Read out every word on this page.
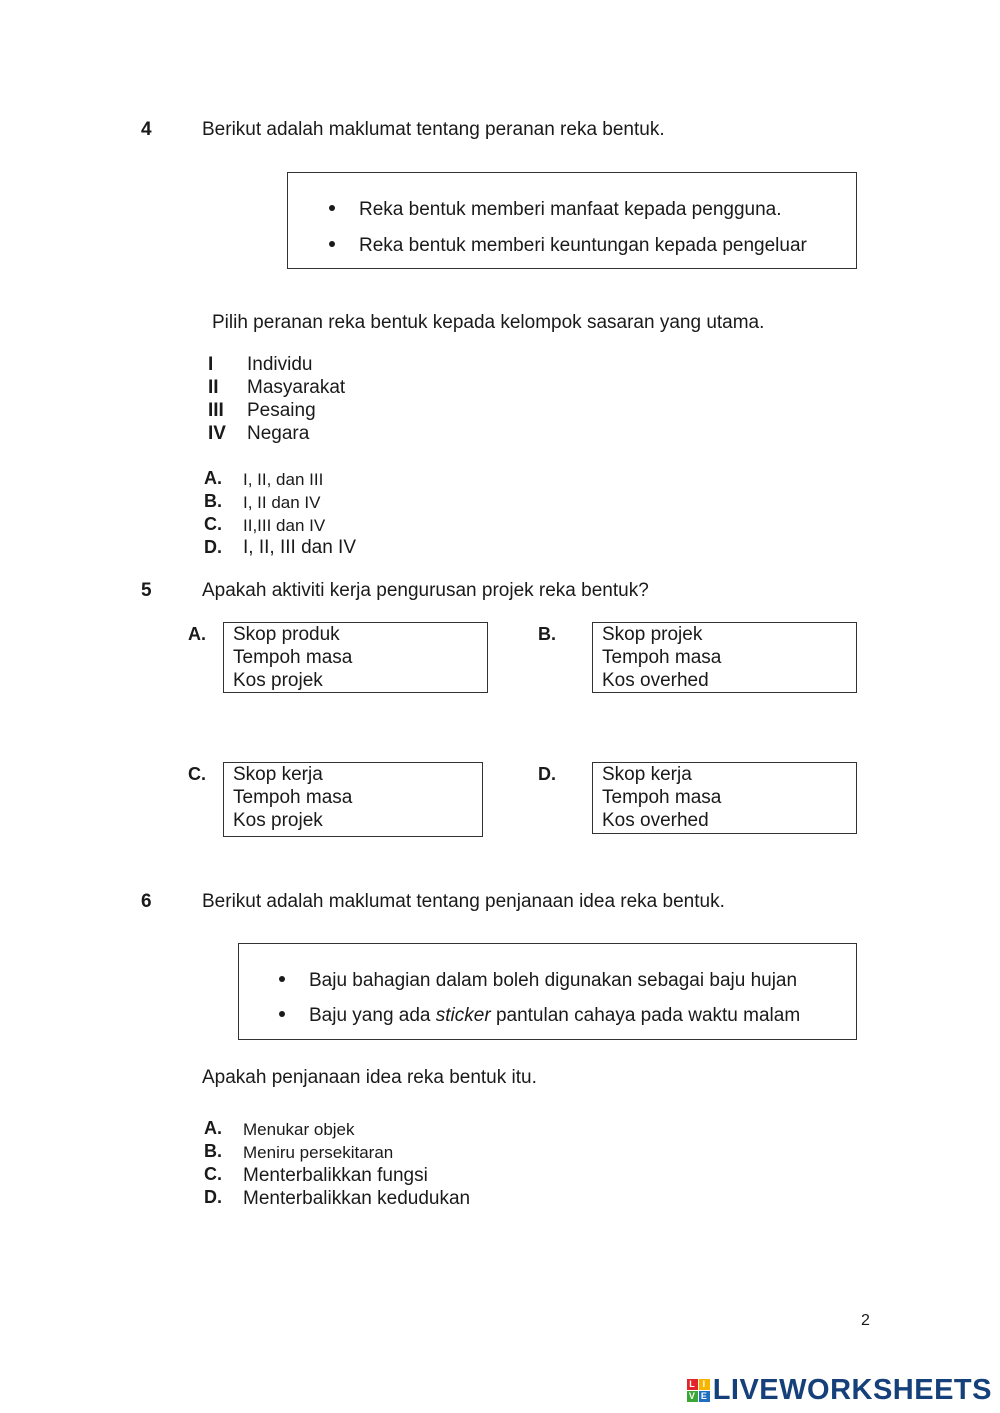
4	Berikut adalah maklumat tentang peranan reka bentuk.
Reka bentuk memberi manfaat kepada pengguna.
Reka bentuk memberi keuntungan kepada pengeluar
Pilih peranan reka bentuk kepada kelompok sasaran yang utama.
I Individu
II Masyarakat
III Pesaing
IV Negara
A. I, II, dan III
B. I, II dan IV
C. II,III dan IV
D. I, II, III dan IV
5	Apakah aktiviti kerja pengurusan projek reka bentuk?
A. Skop produk
Tempoh masa
Kos projek
B. Skop projek
Tempoh masa
Kos overhed
C. Skop kerja
Tempoh masa
Kos projek
D. Skop kerja
Tempoh masa
Kos overhed
6	Berikut adalah maklumat tentang penjanaan idea reka bentuk.
Baju bahagian dalam boleh digunakan sebagai baju hujan
Baju yang ada sticker pantulan cahaya pada waktu malam
Apakah penjanaan idea reka bentuk itu.
A. Menukar objek
B. Meniru persekitaran
C. Menterbalikkan fungsi
D. Menterbalikkan kedudukan
2
L I
V E LIVEWORKSHEETS
